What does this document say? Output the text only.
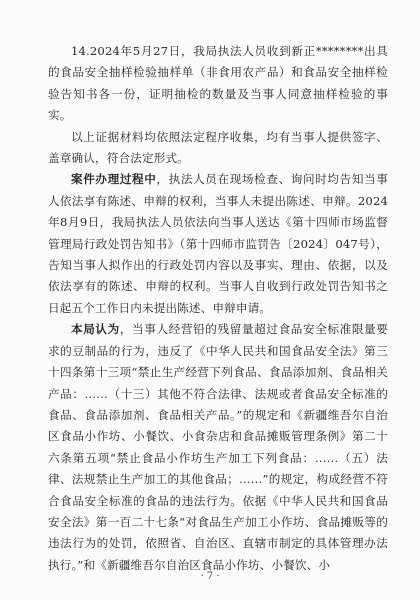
14.2024年5月27日，我局执法人员收到新正********出具的食品安全抽样检验抽样单（非食用农产品）和食品安全抽样检验告知书各一份，证明抽检的数量及当事人同意抽样检验的事实。

以上证据材料均依照法定程序收集，均有当事人提供签字、盖章确认，符合法定形式。

案件办理过程中，执法人员在现场检查、询问时均告知当事人依法享有陈述、申辩的权利，当事人未提出陈述、申辩。2024年8月9日，我局执法人员依法向当事人送达《第十四师市场监督管理局行政处罚告知书》（第十四师市监罚告〔2024〕047号），告知当事人拟作出的行政处罚内容以及事实、理由、依据，以及依法享有的陈述、申辩的权利。当事人自收到行政处罚告知书之日起五个工作日内未提出陈述、申辩申请。

本局认为，当事人经营铅的残留量超过食品安全标准限量要求的豆制品的行为，违反了《中华人民共和国食品安全法》第三十四条第十三项“禁止生产经营下列食品、食品添加剂、食品相关产品：……（十三）其他不符合法律、法规或者食品安全标准的食品、食品添加剂、食品相关产品。”的规定和《新疆维吾尔自治区食品小作坊、小餐饮、小食杂店和食品摊贩管理条例》第二十六条第五项“禁止食品小作坊生产加工下列食品：……（五）法律、法规禁止生产加工的其他食品；……”的规定，构成经营不符合食品安全标准的食品的违法行为。依据《中华人民共和国食品安全法》第一百二十七条“对食品生产加工小作坊、食品摊贩等的违法行为的处罚，依照省、自治区、直辖市制定的具体管理办法执行。”和《新疆维吾尔自治区食品小作坊、小餐饮、小

· 7 ·
